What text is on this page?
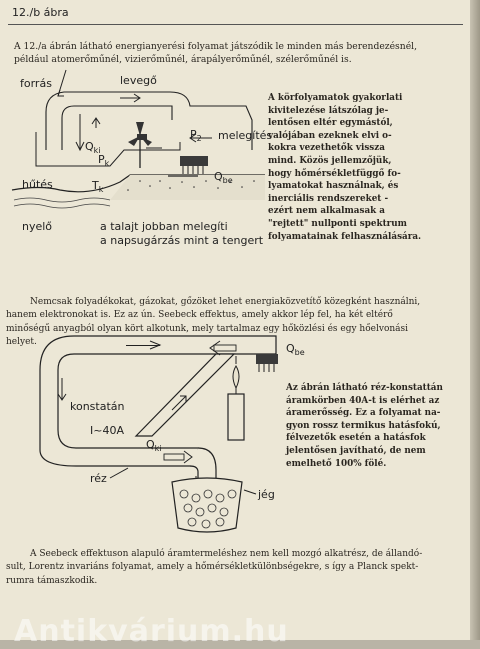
12./b ábra
A 12./a ábrán látható energianyerési folyamat játszódik le minden más berendezésnél,
például atomerőműnél, vizierőműnél, árapályerőműnél, szélerőműnél is.
forrás	levegő
$Q_{ki}$
$P_2$ melegítés
$P_k$
hűtés	$T_k$
$Q_{be}$
nyelő	a talajt jobban melegíti
a napsugárzás mint a tengert
konstatán
I~40A
$Q_{ki}$
$Q_{be}$
réz
jég
A körfolyamatok gyakorlati
kivitelezése látszólag je-
lentősen eltér egymástól,
valójában ezeknek elvi o-
kokra vezethetők vissza
mind. Közös jellemzőjük,
hogy hőmérsékletfüggő fo-
lyamatokat használnak, és
inerciális rendszereket -
ezért nem alkalmasak a
"rejtett" nullponti spektrum
folyamatainak felhasználására.
Nemcsak folyadékokat, gázokat, gőzöket lehet energiaközvetítő közegként használni,
hanem elektronokat is. Ez az ún. Seebeck effektus, amely akkor lép fel, ha két eltérő
minőségű anyagból olyan kört alkotunk, mely tartalmaz egy hőközlési és egy hőelvonási
helyet.
Az ábrán látható réz-konstattán
áramkörben 40A-t is elérhet az
áramerősség. Ez a folyamat na-
gyon rossz termikus hatásfokú,
félvezetők esetén a hatásfok
jelentősen javítható, de nem
emelhető 100% fölé.
A Seebeck effektuson alapuló áramtermeléshez nem kell mozgó alkatrész, de állandó-
sult, Lorentz invariáns folyamat, amely a hőmérsékletkülönbségekre, s így a Planck spekt-
rumra támaszkodik.
Antikvárium.hu
